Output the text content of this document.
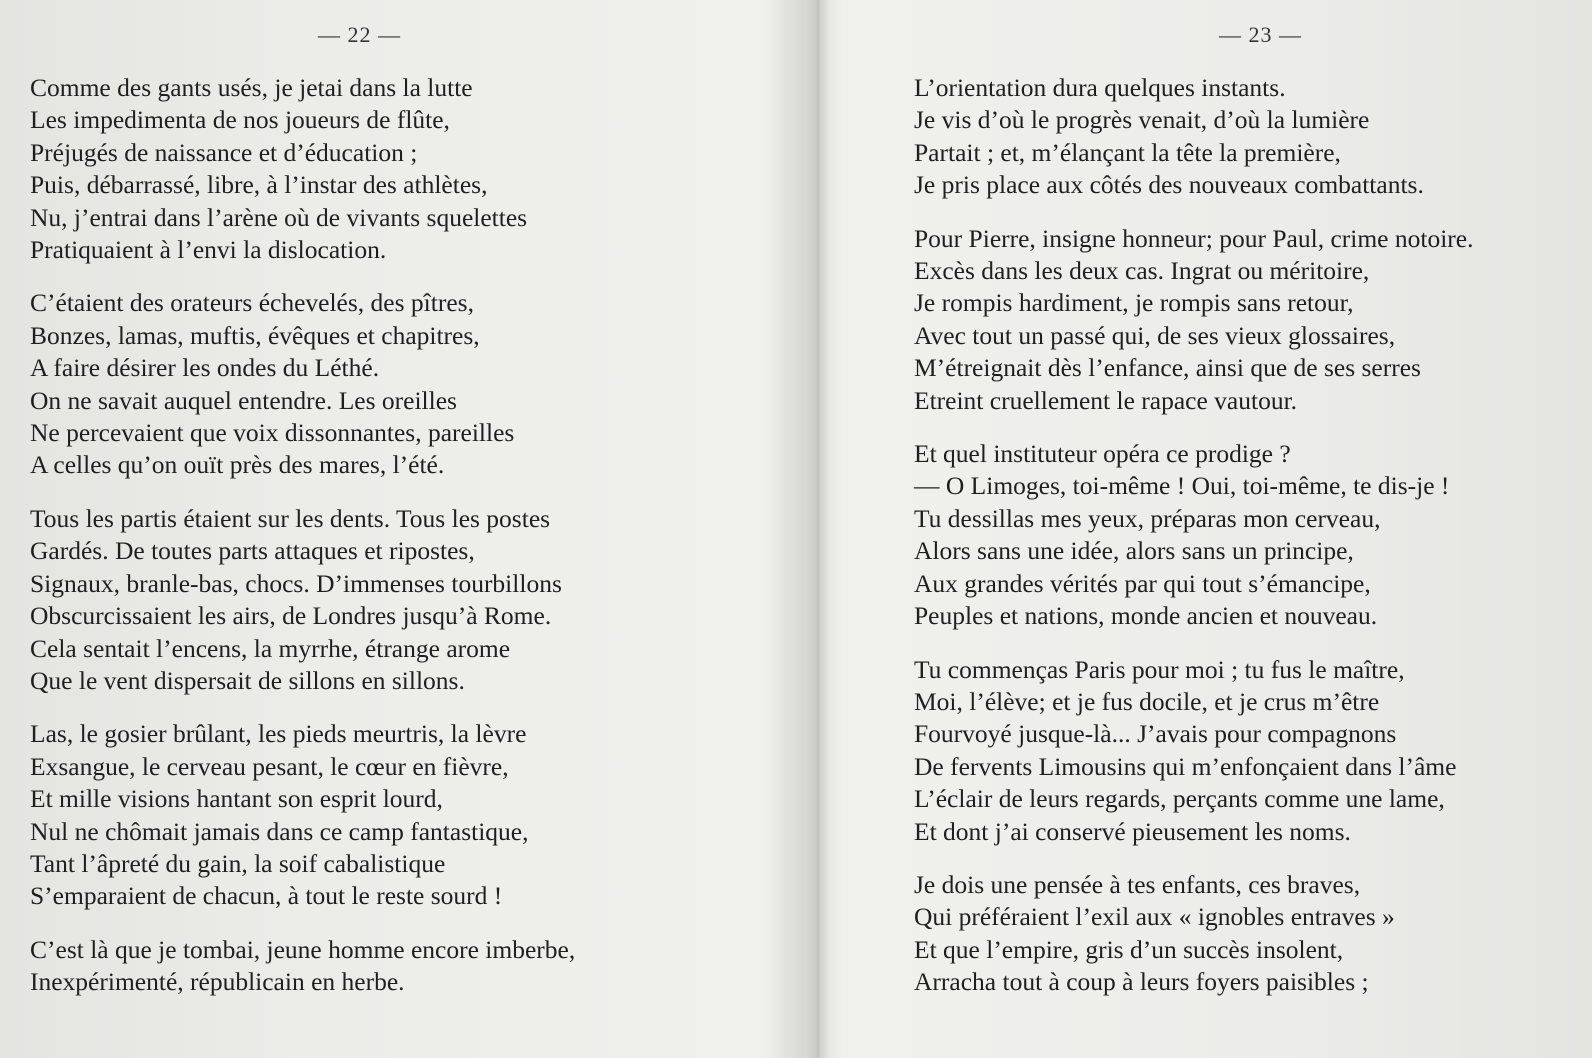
— 22 —
Comme des gants usés, je jetai dans la lutte
Les impedimenta de nos joueurs de flûte,
Préjugés de naissance et d’éducation ;
Puis, débarrassé, libre, à l’instar des athlètes,
Nu, j’entrai dans l’arène où de vivants squelettes
Pratiquaient à l’envi la dislocation.
C’étaient des orateurs échevelés, des pîtres,
Bonzes, lamas, muftis, évêques et chapitres,
A faire désirer les ondes du Léthé.
On ne savait auquel entendre. Les oreilles
Ne percevaient que voix dissonnantes, pareilles
A celles qu’on ouït près des mares, l’été.
Tous les partis étaient sur les dents. Tous les postes
Gardés. De toutes parts attaques et ripostes,
Signaux, branle-bas, chocs. D’immenses tourbillons
Obscurcissaient les airs, de Londres jusqu’à Rome.
Cela sentait l’encens, la myrrhe, étrange arome
Que le vent dispersait de sillons en sillons.
Las, le gosier brûlant, les pieds meurtris, la lèvre
Exsangue, le cerveau pesant, le cœur en fièvre,
Et mille visions hantant son esprit lourd,
Nul ne chômait jamais dans ce camp fantastique,
Tant l’âpreté du gain, la soif cabalistique
S’emparaient de chacun, à tout le reste sourd !
C’est là que je tombai, jeune homme encore imberbe,
Inexpérimenté, républicain en herbe.
— 23 —
L’orientation dura quelques instants.
Je vis d’où le progrès venait, d’où la lumière
Partait ; et, m’élançant la tête la première,
Je pris place aux côtés des nouveaux combattants.
Pour Pierre, insigne honneur; pour Paul, crime notoire.
Excès dans les deux cas. Ingrat ou méritoire,
Je rompis hardiment, je rompis sans retour,
Avec tout un passé qui, de ses vieux glossaires,
M’étreignait dès l’enfance, ainsi que de ses serres
Etreint cruellement le rapace vautour.
Et quel instituteur opéra ce prodige ?
— O Limoges, toi-même ! Oui, toi-même, te dis-je !
Tu dessillas mes yeux, préparas mon cerveau,
Alors sans une idée, alors sans un principe,
Aux grandes vérités par qui tout s’émancipe,
Peuples et nations, monde ancien et nouveau.
Tu commenças Paris pour moi ; tu fus le maître,
Moi, l’élève; et je fus docile, et je crus m’être
Fourvoyé jusque-là... J’avais pour compagnons
De fervents Limousins qui m’enfonçaient dans l’âme
L’éclair de leurs regards, perçants comme une lame,
Et dont j’ai conservé pieusement les noms.
Je dois une pensée à tes enfants, ces braves,
Qui préféraient l’exil aux « ignobles entraves »
Et que l’empire, gris d’un succès insolent,
Arracha tout à coup à leurs foyers paisibles ;
